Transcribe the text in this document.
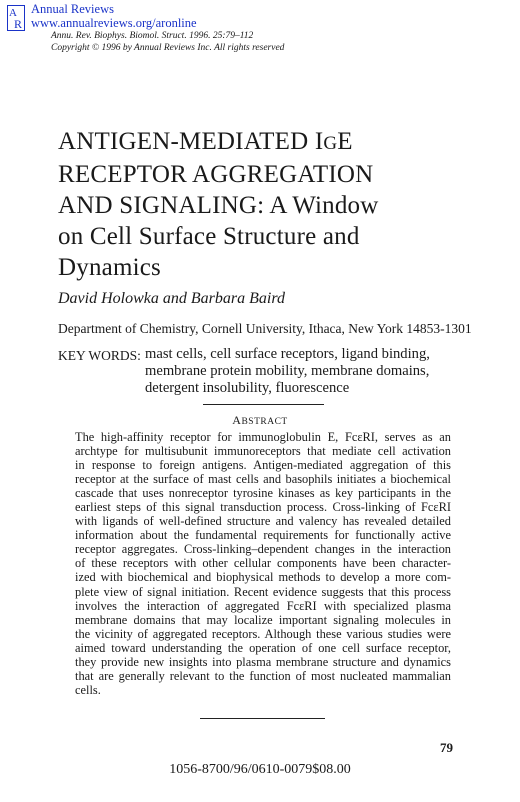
A
R
Annual Reviews
www.annualreviews.org/aronline
Annu. Rev. Biophys. Biomol. Struct. 1996. 25:79–112
Copyright © 1996 by Annual Reviews Inc. All rights reserved
ANTIGEN-MEDIATED IGE
RECEPTOR AGGREGATION
AND SIGNALING: A Window
on Cell Surface Structure and
Dynamics
David Holowka and Barbara Baird
Department of Chemistry, Cornell University, Ithaca, New York 14853-1301
KEY WORDS: mast cells, cell surface receptors, ligand binding,
membrane protein mobility, membrane domains,
detergent insolubility, fluorescence
ABSTRACT
The high-affinity receptor for immunoglobulin E, FcεRI, serves as an
archtype for multisubunit immunoreceptors that mediate cell activation
in response to foreign antigens. Antigen-mediated aggregation of this
receptor at the surface of mast cells and basophils initiates a biochemical
cascade that uses nonreceptor tyrosine kinases as key participants in the
earliest steps of this signal transduction process. Cross-linking of FcεRI
with ligands of well-defined structure and valency has revealed detailed
information about the fundamental requirements for functionally active
receptor aggregates. Cross-linking–dependent changes in the interaction
of these receptors with other cellular components have been character-
ized with biochemical and biophysical methods to develop a more com-
plete view of signal initiation. Recent evidence suggests that this process
involves the interaction of aggregated FcεRI with specialized plasma
membrane domains that may localize important signaling molecules in
the vicinity of aggregated receptors. Although these various studies were
aimed toward understanding the operation of one cell surface receptor,
they provide new insights into plasma membrane structure and dynamics
that are generally relevant to the function of most nucleated mammalian
cells.
79
1056-8700/96/0610-0079$08.00
